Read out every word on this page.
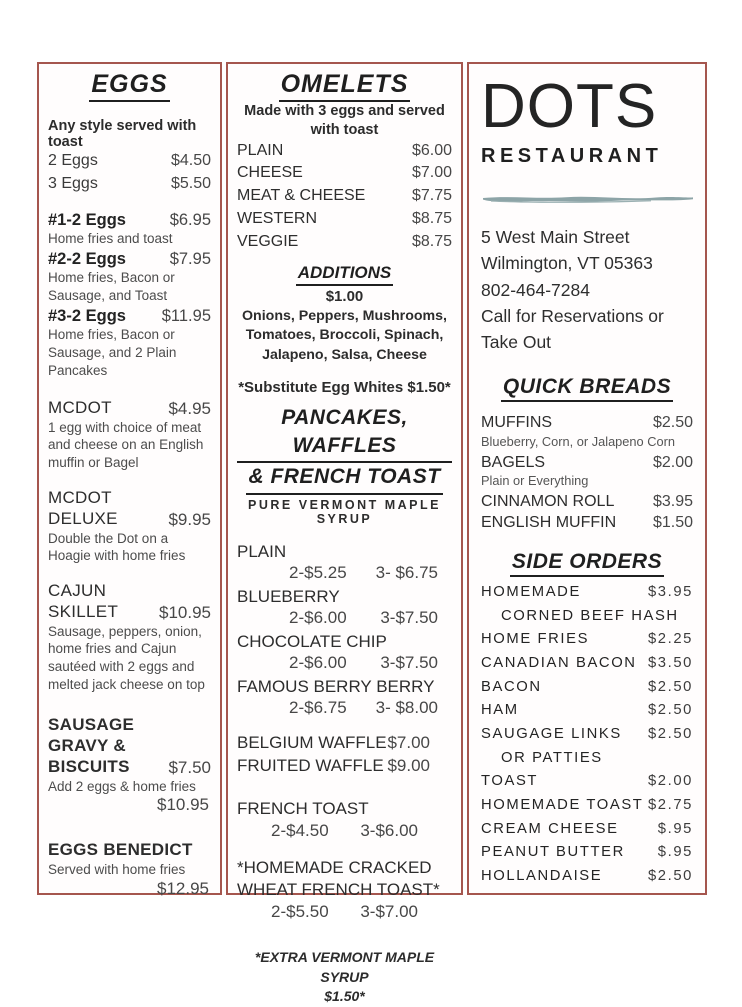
EGGS
Any style served with toast
2 Eggs	$4.50
3 Eggs	$5.50
#1-2 Eggs	$6.95
Home fries and toast
#2-2 Eggs	$7.95
Home fries, Bacon or Sausage, and Toast
#3-2 Eggs $11.95
Home fries, Bacon or Sausage, and 2 Plain Pancakes
MCDOT	$4.95
1 egg with choice of meat and cheese on an English muffin or Bagel
MCDOT DELUXE	$9.95
Double the Dot on a Hoagie with home fries
CAJUN SKILLET	$10.95
Sausage, peppers, onion, home fries and Cajun sautéed with 2 eggs and melted jack cheese on top
SAUSAGE GRAVY & BISCUITS	$7.50
Add 2 eggs & home fries
$10.95
EGGS BENEDICT
Served with home fries
$12.95
OMELETS
Made with 3 eggs and served with toast
PLAIN	$6.00
CHEESE	$7.00
MEAT & CHEESE	$7.75
WESTERN	$8.75
VEGGIE	$8.75
ADDITIONS
$1.00
Onions, Peppers, Mushrooms, Tomatoes, Broccoli, Spinach, Jalapeno, Salsa, Cheese
*Substitute Egg Whites $1.50*
PANCAKES, WAFFLES
& FRENCH TOAST
PURE VERMONT MAPLE SYRUP
PLAIN
2-$5.25 3- $6.75
BLUEBERRY
2-$6.00 3-$7.50
CHOCOLATE CHIP
2-$6.00 3-$7.50
FAMOUS BERRY BERRY
2-$6.75 3- $8.00
BELGIUM WAFFLE $7.00
FRUITED WAFFLE $9.00
FRENCH TOAST
2-$4.50 3-$6.00
*HOMEMADE CRACKED WHEAT FRENCH TOAST*
2-$5.50 3-$7.00
*EXTRA VERMONT MAPLE SYRUP
$1.50*
DOTS
RESTAURANT
5 West Main Street
Wilmington, VT 05363
802-464-7284
Call for Reservations or
Take Out
QUICK BREADS
MUFFINS	$2.50
Blueberry, Corn, or Jalapeno Corn
BAGELS	$2.00
Plain or Everything
CINNAMON ROLL $3.95
ENGLISH MUFFIN $1.50
SIDE ORDERS
HOMEMADE	$3.95
CORNED BEEF HASH
HOME FRIES	$2.25
CANADIAN BACON $3.50
BACON	$2.50
HAM	$2.50
SAUGAGE LINKS $2.50
OR PATTIES
TOAST	$2.00
HOMEMADE TOAST $2.75
CREAM CHEESE	$.95
PEANUT BUTTER $.95
HOLLANDAISE	$2.50
